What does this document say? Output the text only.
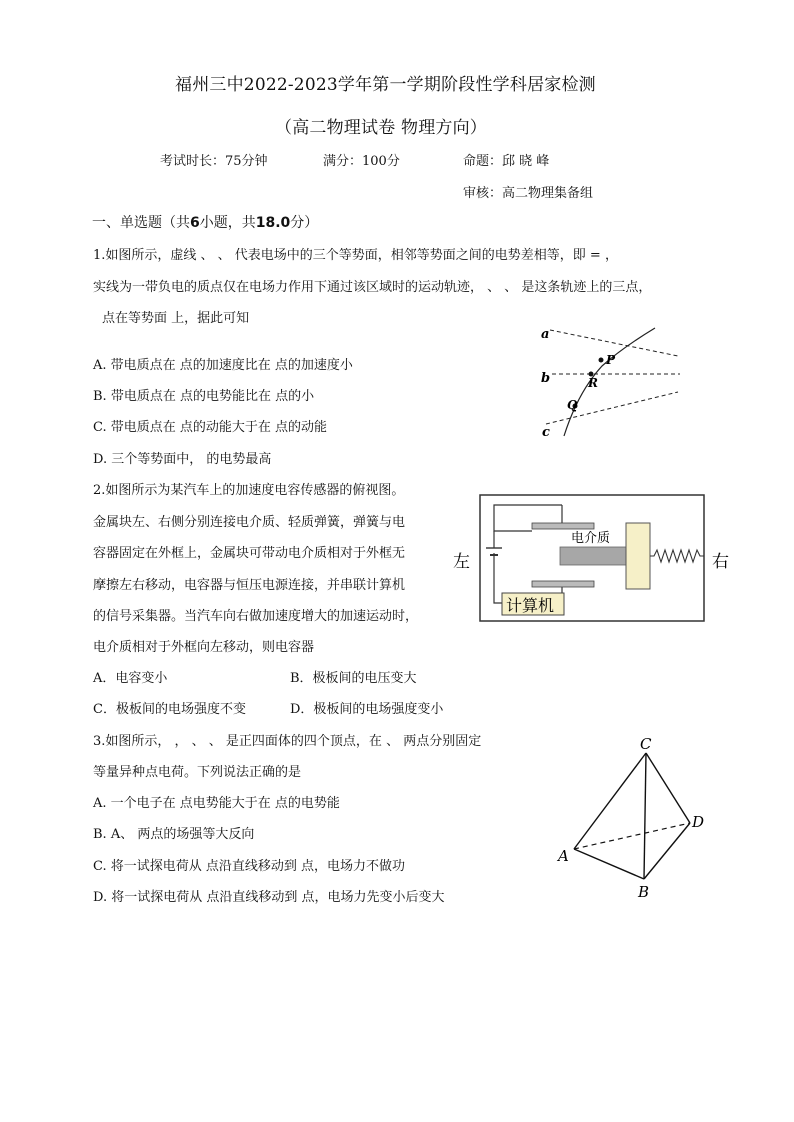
福州三中2022-2023学年第一学期阶段性学科居家检测
（高二物理试卷 物理方向）
考试时长：75分钟	满分：100分	命题：邱 晓 峰
审核：高二物理集备组
一、单选题（共6小题，共18.0分）
1.如图所示，虚线 、 、 代表电场中的三个等势面，相邻等势面之间的电势差相等，即 = ，
实线为一带负电的质点仅在电场力作用下通过该区域时的运动轨迹， 、 、 是这条轨迹上的三点，
点在等势面 上，据此可知
A. 带电质点在 点的加速度比在 点的加速度小
B. 带电质点在 点的电势能比在 点的小
C. 带电质点在 点的动能大于在 点的动能
D. 三个等势面中， 的电势最高
a
b
c
P
R
Q
2.如图所示为某汽车上的加速度电容传感器的俯视图。
金属块左、右侧分别连接电介质、轻质弹簧，弹簧与电
容器固定在外框上，金属块可带动电介质相对于外框无
摩擦左右移动，电容器与恒压电源连接，并串联计算机
的信号采集器。当汽车向右做加速度增大的加速运动时，
电介质相对于外框向左移动，则电容器
A．电容变小	B．极板间的电压变大
C．极板间的电场强度不变	D．极板间的电场强度变小
电介质
计算机
左	右
3.如图所示， ， 、 、 是正四面体的四个顶点，在 、 两点分别固定
等量异种点电荷。下列说法正确的是
A. 一个电子在 点电势能大于在 点的电势能
B. A、 两点的场强等大反向
C. 将一试探电荷从 点沿直线移动到 点，电场力不做功
D. 将一试探电荷从 点沿直线移动到 点，电场力先变小后变大
C
A
B
D
